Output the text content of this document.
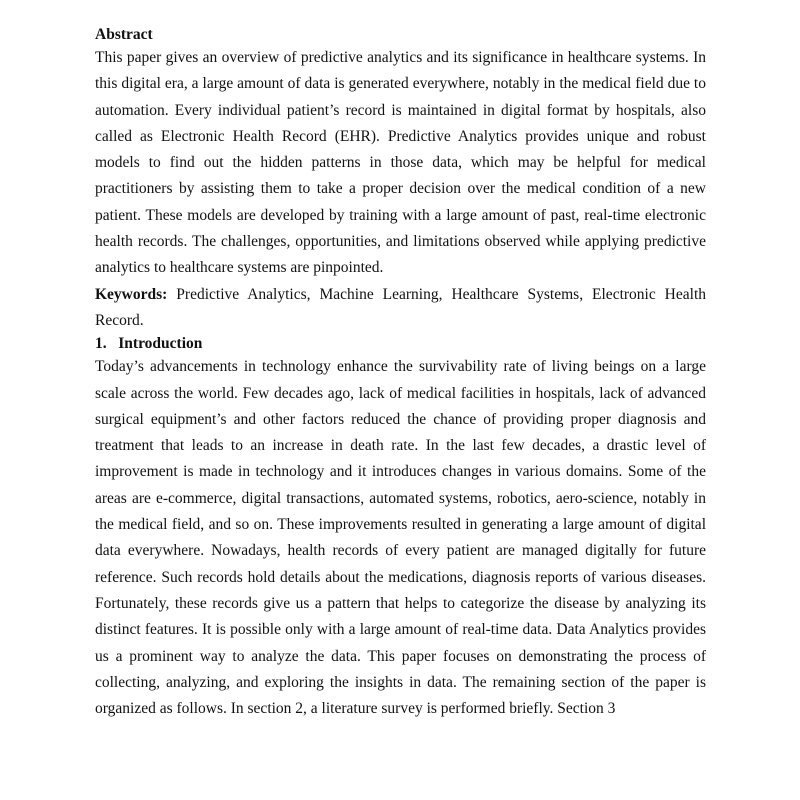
Abstract

This paper gives an overview of predictive analytics and its significance in healthcare systems. In this digital era, a large amount of data is generated everywhere, notably in the medical field due to automation. Every individual patient’s record is maintained in digital format by hospitals, also called as Electronic Health Record (EHR). Predictive Analytics provides unique and robust models to find out the hidden patterns in those data, which may be helpful for medical practitioners by assisting them to take a proper decision over the medical condition of a new patient. These models are developed by training with a large amount of past, real-time electronic health records. The challenges, opportunities, and limitations observed while applying predictive analytics to healthcare systems are pinpointed.

Keywords: Predictive Analytics, Machine Learning, Healthcare Systems, Electronic Health Record.

1.   Introduction

Today’s advancements in technology enhance the survivability rate of living beings on a large scale across the world. Few decades ago, lack of medical facilities in hospitals, lack of advanced surgical equipment’s and other factors reduced the chance of providing proper diagnosis and treatment that leads to an increase in death rate. In the last few decades, a drastic level of improvement is made in technology and it introduces changes in various domains. Some of the areas are e-commerce, digital transactions, automated systems, robotics, aero-science, notably in the medical field, and so on. These improvements resulted in generating a large amount of digital data everywhere. Nowadays, health records of every patient are managed digitally for future reference. Such records hold details about the medications, diagnosis reports of various diseases. Fortunately, these records give us a pattern that helps to categorize the disease by analyzing its distinct features. It is possible only with a large amount of real-time data. Data Analytics provides us a prominent way to analyze the data. This paper focuses on demonstrating the process of collecting, analyzing, and exploring the insights in data. The remaining section of the paper is organized as follows. In section 2, a literature survey is performed briefly. Section 3
